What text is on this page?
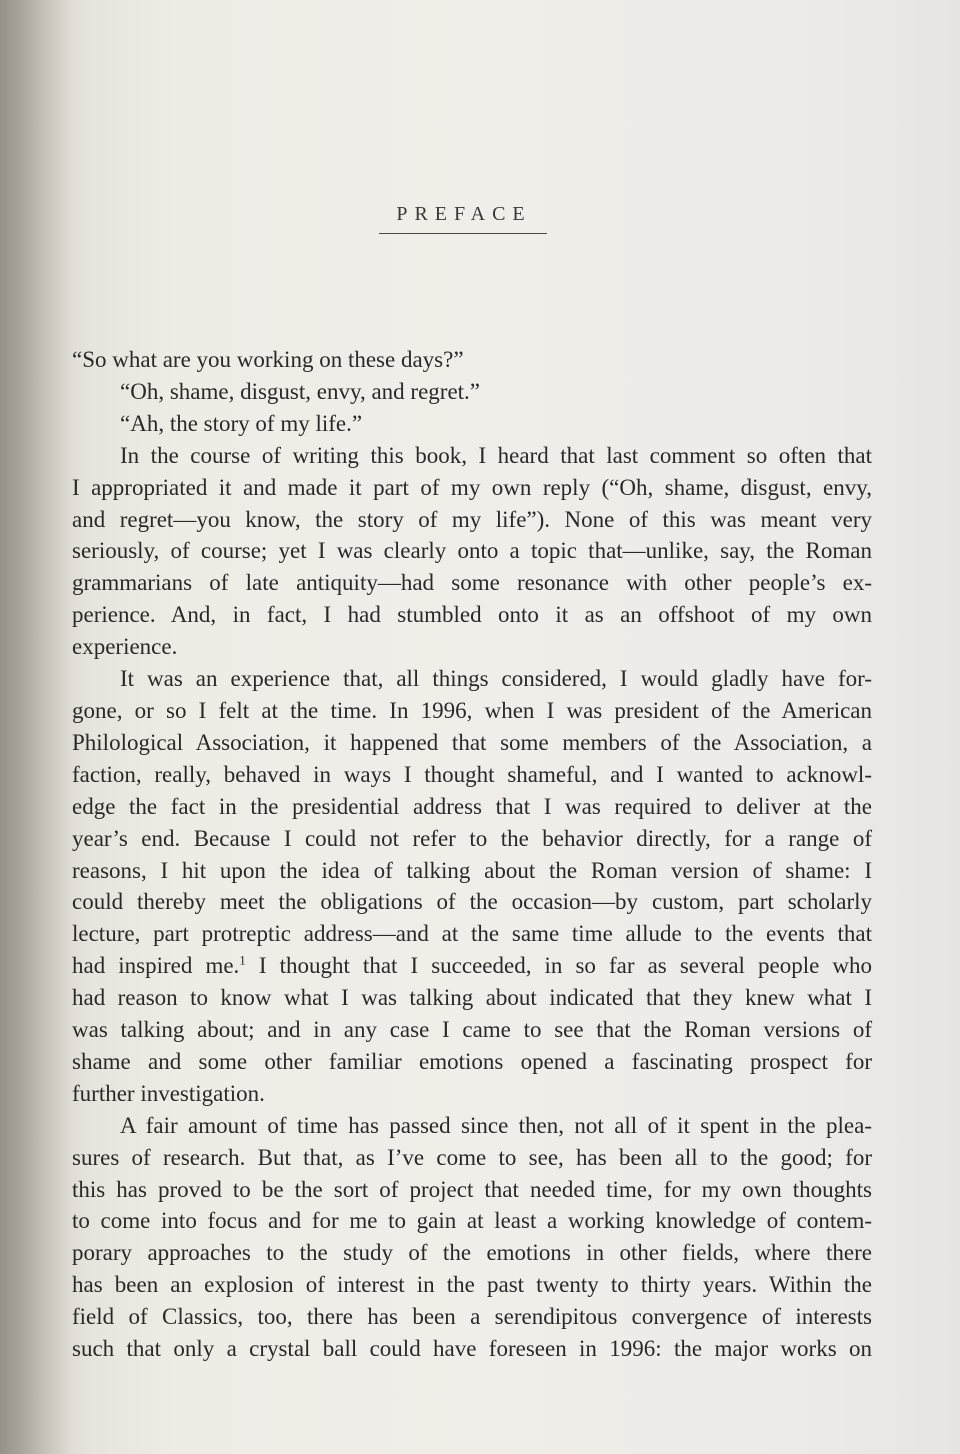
PREFACE
“So what are you working on these days?”
“Oh, shame, disgust, envy, and regret.”
“Ah, the story of my life.”
In the course of writing this book, I heard that last comment so often that
I appropriated it and made it part of my own reply (“Oh, shame, disgust, envy,
and regret—you know, the story of my life”). None of this was meant very
seriously, of course; yet I was clearly onto a topic that—unlike, say, the Roman
grammarians of late antiquity—had some resonance with other people’s ex-
perience. And, in fact, I had stumbled onto it as an offshoot of my own
experience.
It was an experience that, all things considered, I would gladly have for-
gone, or so I felt at the time. In 1996, when I was president of the American
Philological Association, it happened that some members of the Association, a
faction, really, behaved in ways I thought shameful, and I wanted to acknowl-
edge the fact in the presidential address that I was required to deliver at the
year’s end. Because I could not refer to the behavior directly, for a range of
reasons, I hit upon the idea of talking about the Roman version of shame: I
could thereby meet the obligations of the occasion—by custom, part scholarly
lecture, part protreptic address—and at the same time allude to the events that
had inspired me.$^1$ I thought that I succeeded, in so far as several people who
had reason to know what I was talking about indicated that they knew what I
was talking about; and in any case I came to see that the Roman versions of
shame and some other familiar emotions opened a fascinating prospect for
further investigation.
A fair amount of time has passed since then, not all of it spent in the plea-
sures of research. But that, as I’ve come to see, has been all to the good; for
this has proved to be the sort of project that needed time, for my own thoughts
to come into focus and for me to gain at least a working knowledge of contem-
porary approaches to the study of the emotions in other fields, where there
has been an explosion of interest in the past twenty to thirty years. Within the
field of Classics, too, there has been a serendipitous convergence of interests
such that only a crystal ball could have foreseen in 1996: the major works on
